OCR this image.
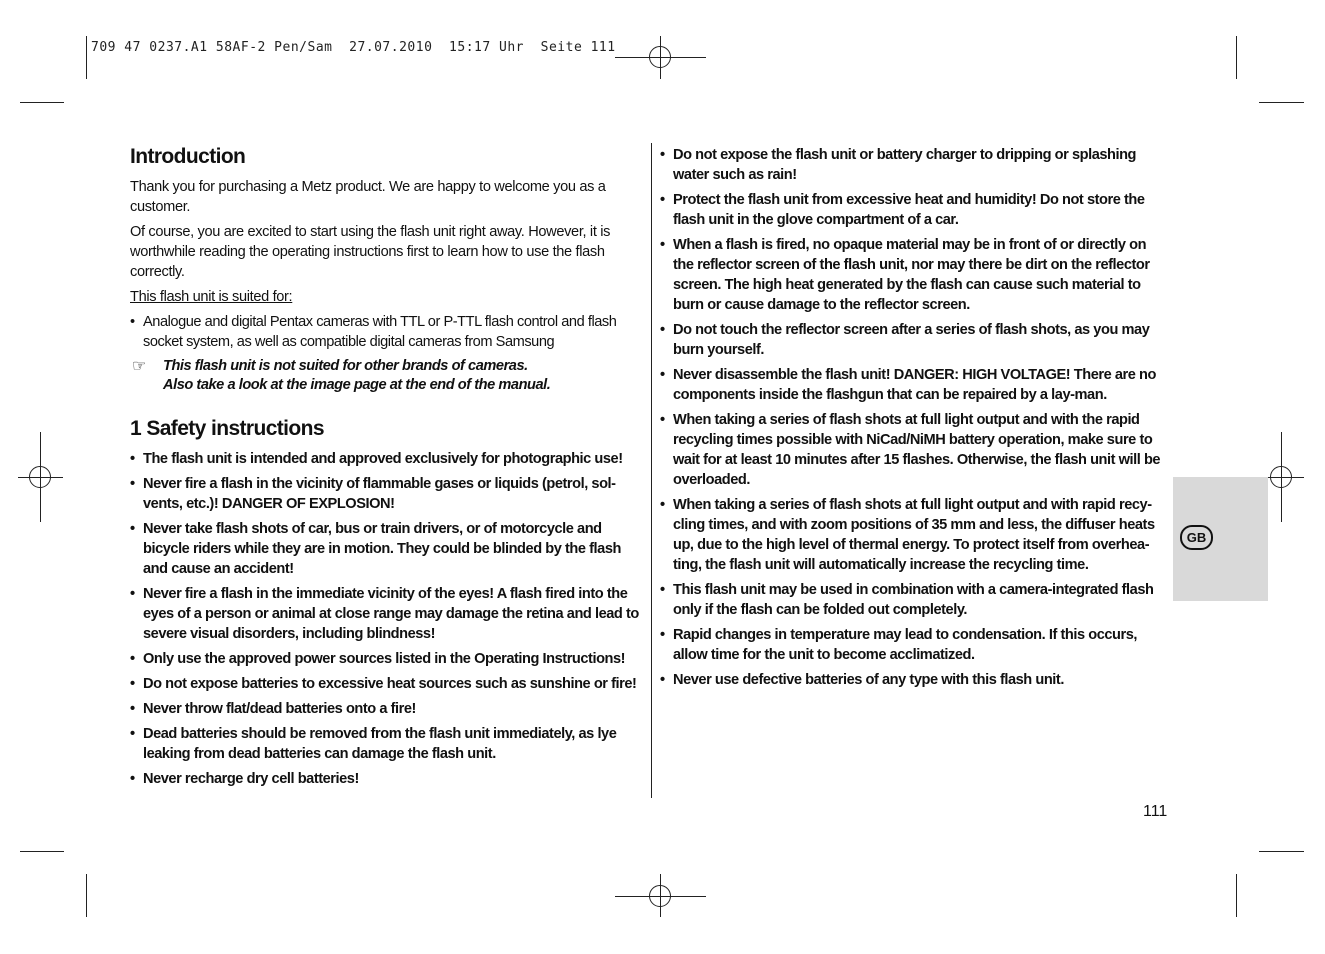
709 47 0237.A1 58AF-2 Pen/Sam  27.07.2010  15:17 Uhr  Seite 111
Introduction

Thank you for purchasing a Metz product. We are happy to welcome you as a customer.

Of course, you are excited to start using the flash unit right away. However, it is worthwhile reading the operating instructions first to learn how to use the flash correctly.

This flash unit is suited for:

• Analogue and digital Pentax cameras with TTL or P-TTL flash control and flash socket system, as well as compatible digital cameras from Samsung
☞ This flash unit is not suited for other brands of cameras.
Also take a look at the image page at the end of the manual.
1 Safety instructions
• The flash unit is intended and approved exclusively for photographic use!
• Never fire a flash in the vicinity of flammable gases or liquids (petrol, sol-vents, etc.)! DANGER OF EXPLOSION!
• Never take flash shots of car, bus or train drivers, or of motorcycle and bicycle riders while they are in motion. They could be blinded by the flash and cause an accident!
• Never fire a flash in the immediate vicinity of the eyes! A flash fired into the eyes of a person or animal at close range may damage the retina and lead to severe visual disorders, including blindness!
• Only use the approved power sources listed in the Operating Instructions!
• Do not expose batteries to excessive heat sources such as sunshine or fire!
• Never throw flat/dead batteries onto a fire!
• Dead batteries should be removed from the flash unit immediately, as lye leaking from dead batteries can damage the flash unit.
• Never recharge dry cell batteries!
• Do not expose the flash unit or battery charger to dripping or splashing water such as rain!
• Protect the flash unit from excessive heat and humidity! Do not store the flash unit in the glove compartment of a car.
• When a flash is fired, no opaque material may be in front of or directly on the reflector screen of the flash unit, nor may there be dirt on the reflector screen. The high heat generated by the flash can cause such material to burn or cause damage to the reflector screen.
• Do not touch the reflector screen after a series of flash shots, as you may burn yourself.
• Never disassemble the flash unit! DANGER: HIGH VOLTAGE! There are no components inside the flashgun that can be repaired by a lay-man.
• When taking a series of flash shots at full light output and with the rapid recycling times possible with NiCad/NiMH battery operation, make sure to wait for at least 10 minutes after 15 flashes. Otherwise, the flash unit will be overloaded.
• When taking a series of flash shots at full light output and with rapid recy-cling times, and with zoom positions of 35 mm and less, the diffuser heats up, due to the high level of thermal energy. To protect itself from overhea-ting, the flash unit will automatically increase the recycling time.
• This flash unit may be used in combination with a camera-integrated flash only if the flash can be folded out completely.
• Rapid changes in temperature may lead to condensation. If this occurs, allow time for the unit to become acclimatized.
• Never use defective batteries of any type with this flash unit.
GB
111
